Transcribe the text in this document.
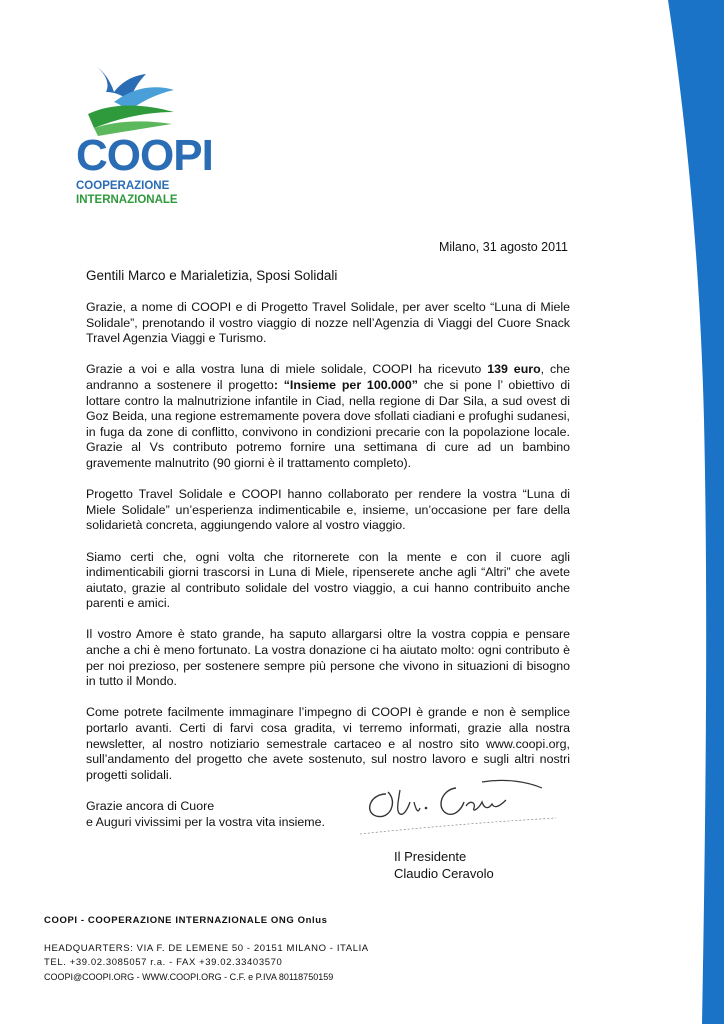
COOPI
COOPERAZIONE
INTERNAZIONALE
Milano, 31 agosto 2011
Gentili Marco e Marialetizia, Sposi Solidali

Grazie, a nome di COOPI e di Progetto Travel Solidale, per aver scelto “Luna di Miele Solidale”, prenotando il vostro viaggio di nozze nell’Agenzia di Viaggi del Cuore Snack Travel Agenzia Viaggi e Turismo.

Grazie a voi e alla vostra luna di miele solidale, COOPI ha ricevuto 139 euro, che andranno a sostenere il progetto: “Insieme per 100.000” che si pone l’ obiettivo di lottare contro la malnutrizione infantile in Ciad, nella regione di Dar Sila, a sud ovest di Goz Beida, una regione estremamente povera dove sfollati ciadiani e profughi sudanesi, in fuga da zone di conflitto, convivono in condizioni precarie con la popolazione locale. Grazie al Vs contributo potremo fornire una settimana di cure ad un bambino gravemente malnutrito (90 giorni è il trattamento completo).

Progetto Travel Solidale e COOPI hanno collaborato per rendere la vostra “Luna di Miele Solidale” un’esperienza indimenticabile e, insieme, un’occasione per fare della solidarietà concreta, aggiungendo valore al vostro viaggio.

Siamo certi che, ogni volta che ritornerete con la mente e con il cuore agli indimenticabili giorni trascorsi in Luna di Miele, ripenserete anche agli “Altri” che avete aiutato, grazie al contributo solidale del vostro viaggio, a cui hanno contribuito anche parenti e amici.

Il vostro Amore è stato grande, ha saputo allargarsi oltre la vostra coppia e pensare anche a chi è meno fortunato. La vostra donazione ci ha aiutato molto: ogni contributo è per noi prezioso, per sostenere sempre più persone che vivono in situazioni di bisogno in tutto il Mondo.

Come potrete facilmente immaginare l’impegno di COOPI è grande e non è semplice portarlo avanti. Certi di farvi cosa gradita, vi terremo informati, grazie alla nostra newsletter, al nostro notiziario semestrale cartaceo e al nostro sito www.coopi.org, sull’andamento del progetto che avete sostenuto, sul nostro lavoro e sugli altri nostri progetti solidali.

Grazie ancora di Cuore
e Auguri vivissimi per la vostra vita insieme.

Il Presidente
Claudio Ceravolo
COOPI - COOPERAZIONE INTERNAZIONALE ONG Onlus
HEADQUARTERS: VIA F. DE LEMENE 50 - 20151 MILANO - ITALIA
TEL. +39.02.3085057 r.a. - FAX +39.02.33403570
COOPI@COOPI.ORG - WWW.COOPI.ORG - C.F. e P.IVA 80118750159
